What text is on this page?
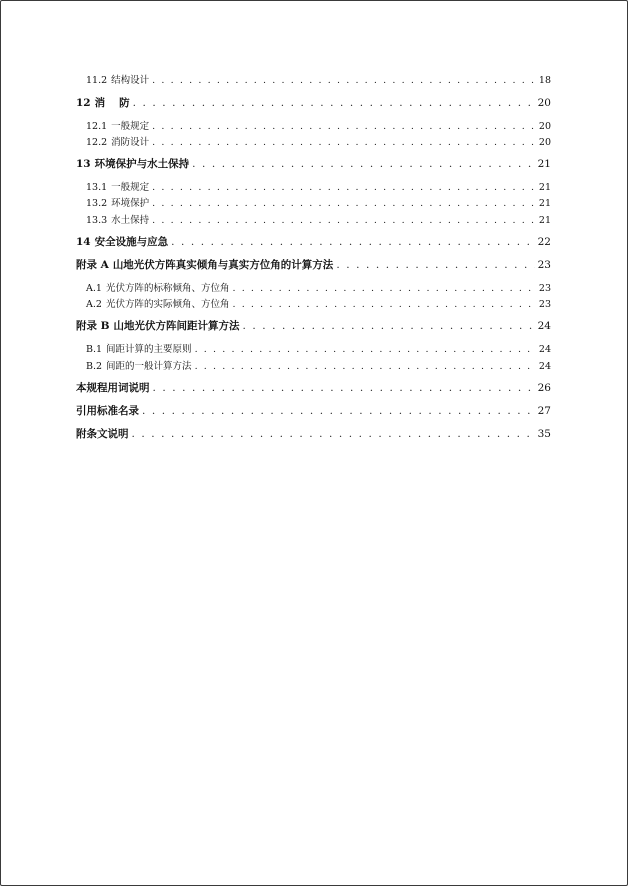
11.2 结构设计 . . .	18
12 消 防 . . .	20
12.1 一般规定 . . .	20
12.2 消防设计 . . .	20
13 环境保护与水土保持 . . .	21
13.1 一般规定 . . .	21
13.2 环境保护 . . .	21
13.3 水土保持 . . .	21
14 安全设施与应急 . . .	22
附录 A 山地光伏方阵真实倾角与真实方位角的计算方法 . . .	23
A.1 光伏方阵的标称倾角、方位角 . . .	23
A.2 光伏方阵的实际倾角、方位角 . . .	23
附录 B 山地光伏方阵间距计算方法 . . .	24
B.1 间距计算的主要原则 . . .	24
B.2 间距的一般计算方法 . . .	24
本规程用词说明 . . .	26
引用标准名录 . . .	27
附条文说明 . . .	35
